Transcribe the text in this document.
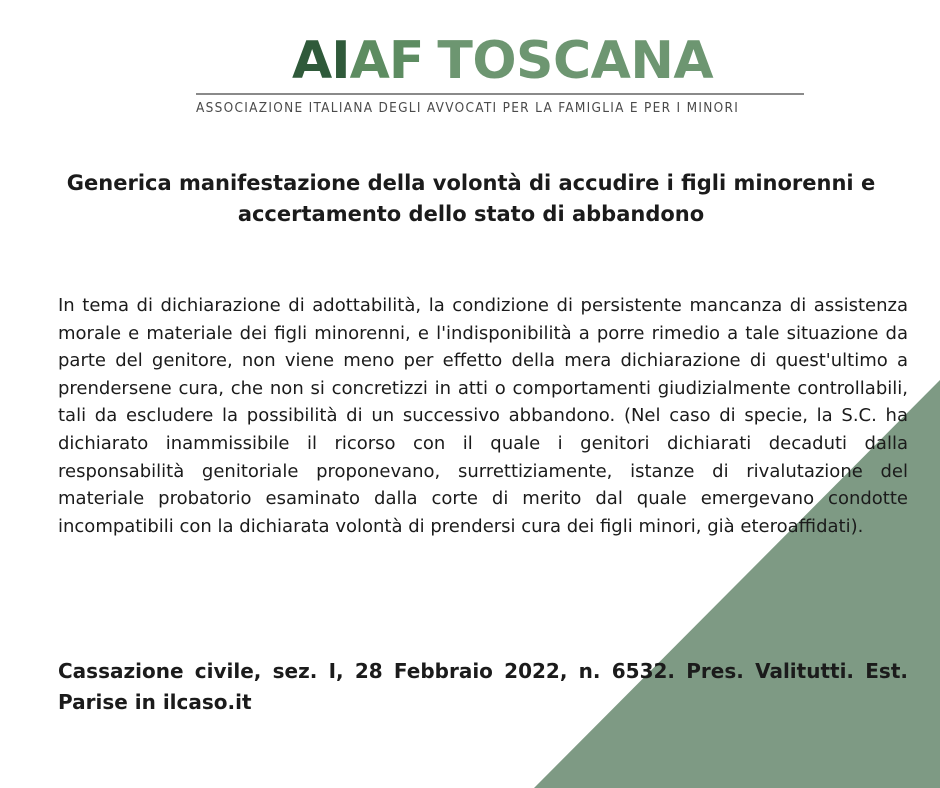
AIAF TOSCANA
ASSOCIAZIONE ITALIANA DEGLI AVVOCATI PER LA FAMIGLIA E PER I MINORI
Generica manifestazione della volontà di accudire i figli minorenni e accertamento dello stato di abbandono

In tema di dichiarazione di adottabilità, la condizione di persistente mancanza di assistenza morale e materiale dei figli minorenni, e l'indisponibilità a porre rimedio a tale situazione da parte del genitore, non viene meno per effetto della mera dichiarazione di quest'ultimo a prendersene cura, che non si concretizzi in atti o comportamenti giudizialmente controllabili, tali da escludere la possibilità di un successivo abbandono. (Nel caso di specie, la S.C. ha dichiarato inammissibile il ricorso con il quale i genitori dichiarati decaduti dalla responsabilità genitoriale proponevano, surrettiziamente, istanze di rivalutazione del materiale probatorio esaminato dalla corte di merito dal quale emergevano condotte incompatibili con la dichiarata volontà di prendersi cura dei figli minori, già eteroaffidati).

Cassazione civile, sez. I, 28 Febbraio 2022, n. 6532. Pres. Valitutti. Est. Parise in ilcaso.it
